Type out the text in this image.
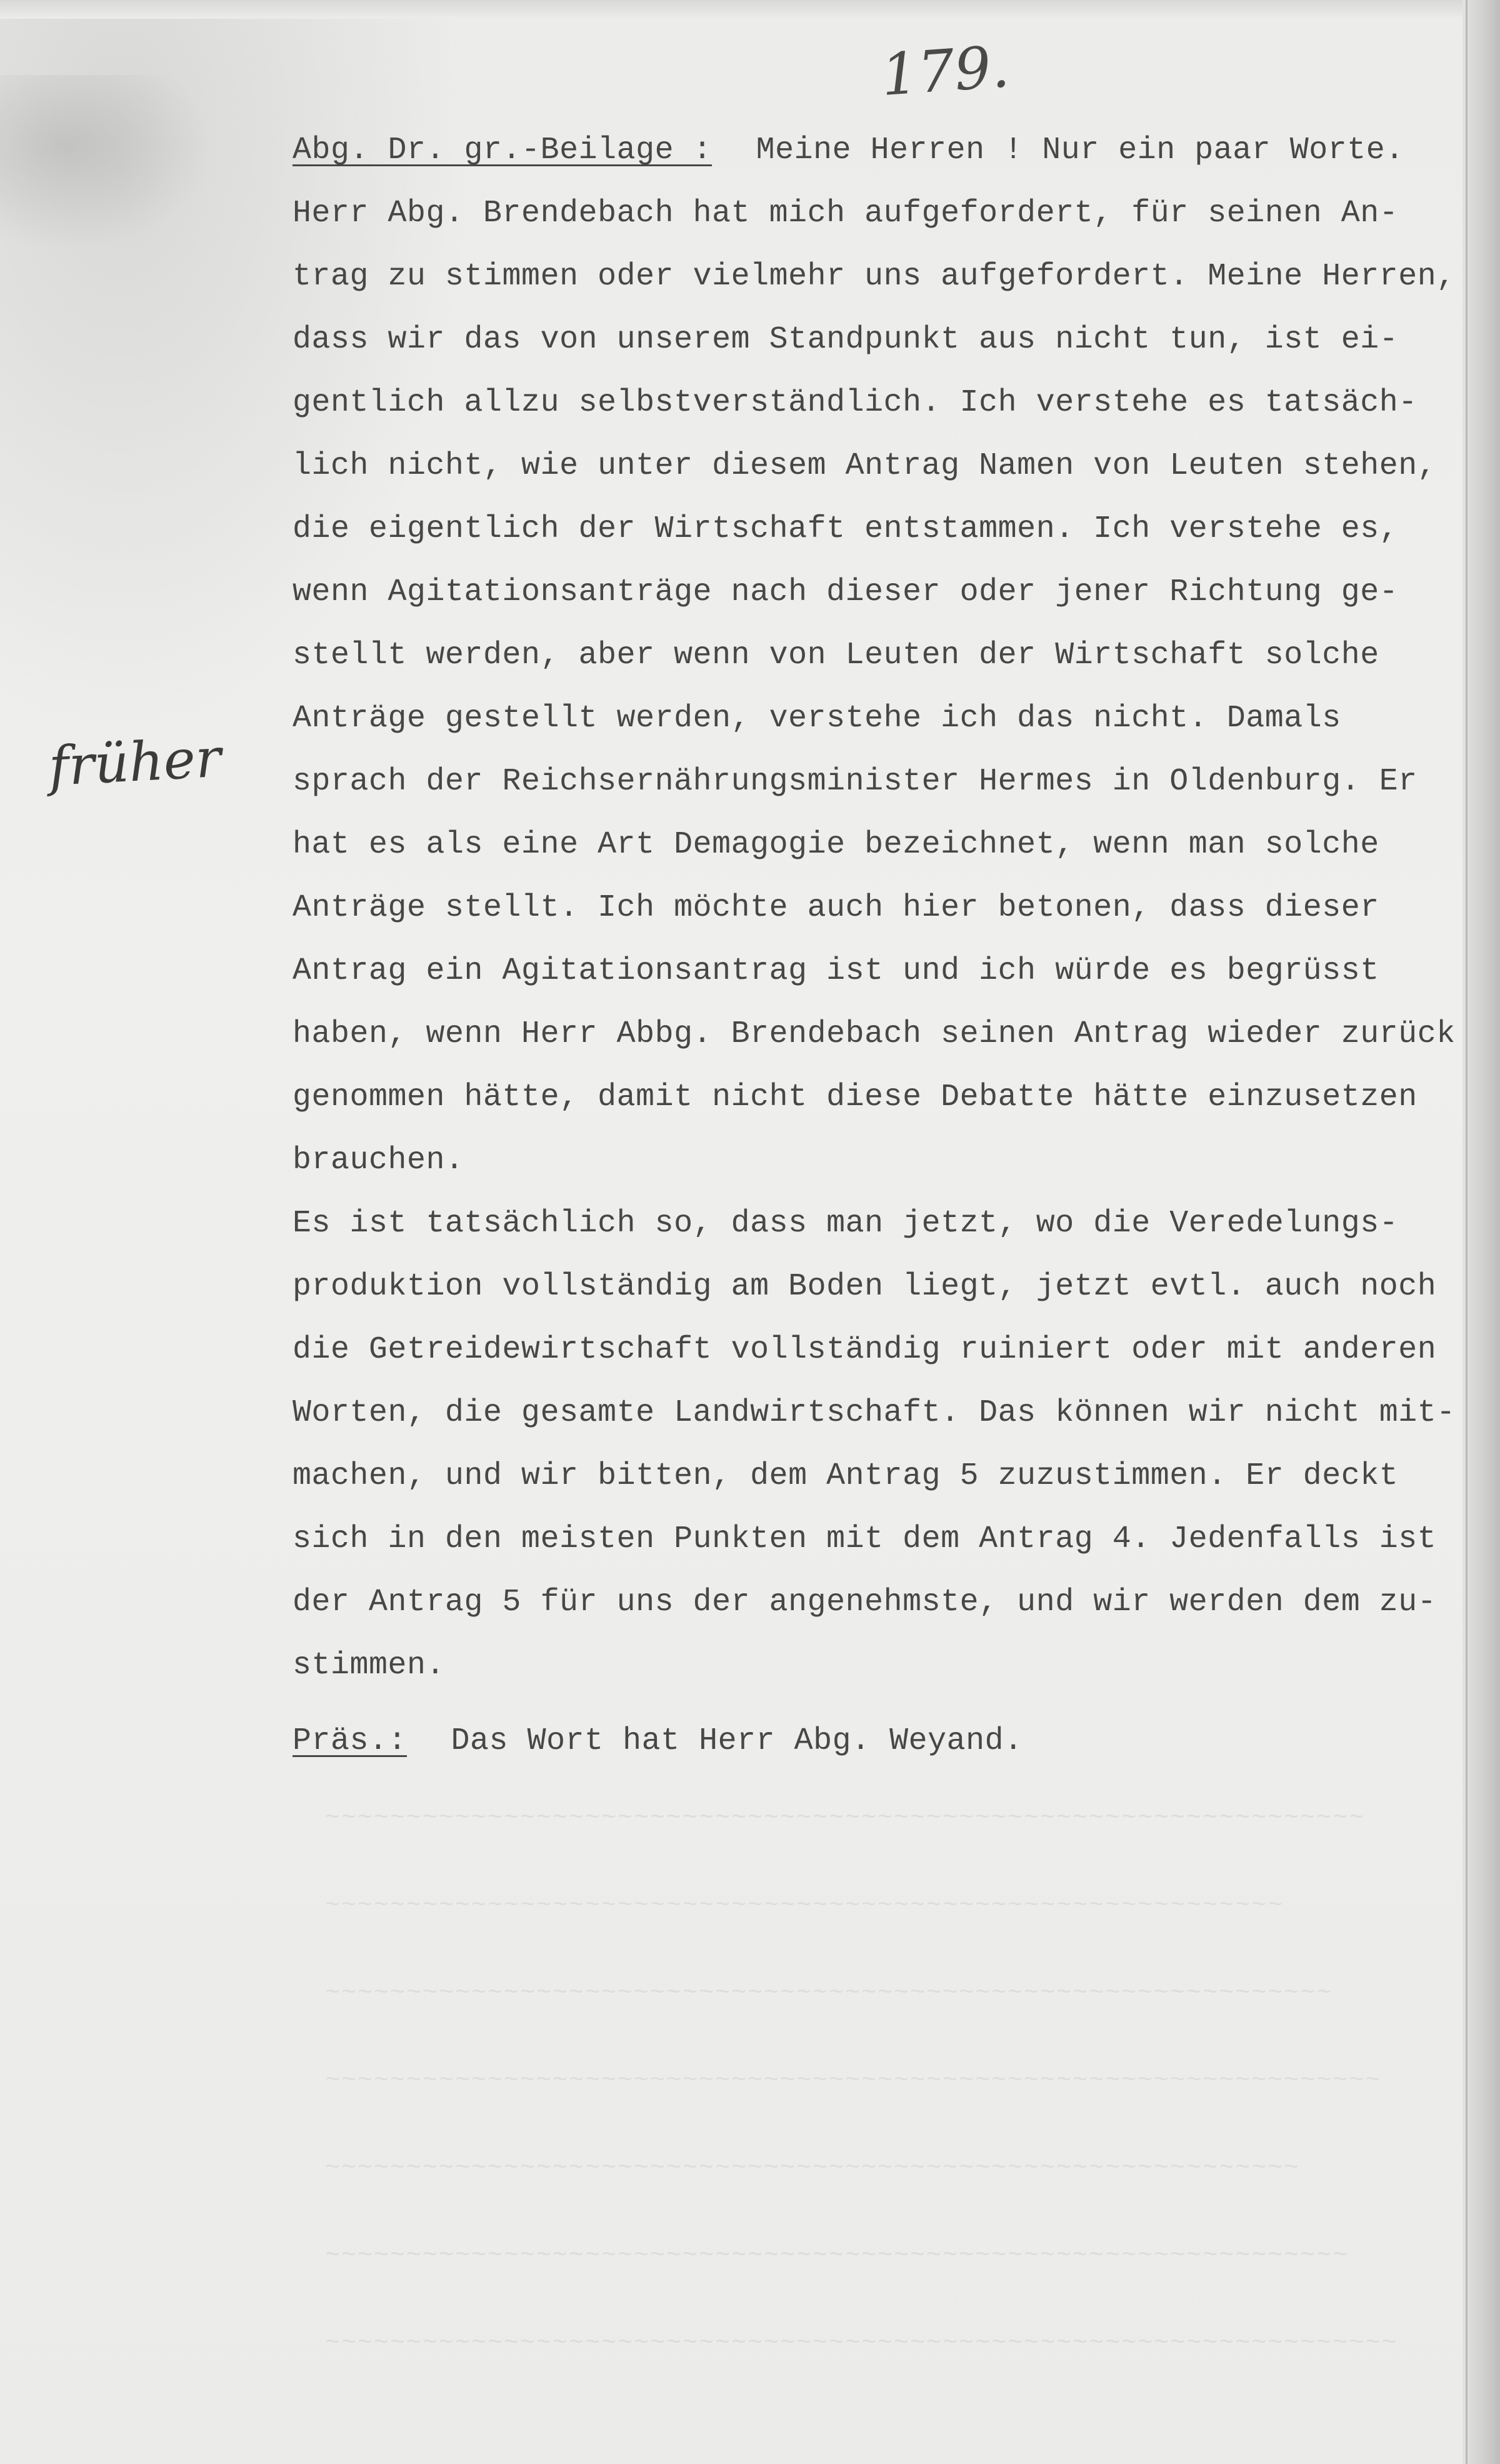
~~~~~~~~~~~~~~~~~~~~~~~~~~~~~~~~~~~~~~~~~~~~~~~~~~~~~~~~~~~~~~~~
~~~~~~~~~~~~~~~~~~~~~~~~~~~~~~~~~~~~~~~~~~~~~~~~~~~~~~~~~~~
~~~~~~~~~~~~~~~~~~~~~~~~~~~~~~~~~~~~~~~~~~~~~~~~~~~~~~~~~~~~~~
~~~~~~~~~~~~~~~~~~~~~~~~~~~~~~~~~~~~~~~~~~~~~~~~~~~~~~~~~~~~~~~~~
~~~~~~~~~~~~~~~~~~~~~~~~~~~~~~~~~~~~~~~~~~~~~~~~~~~~~~~~~~~~
~~~~~~~~~~~~~~~~~~~~~~~~~~~~~~~~~~~~~~~~~~~~~~~~~~~~~~~~~~~~~~~
~~~~~~~~~~~~~~~~~~~~~~~~~~~~~~~~~~~~~~~~~~~~~~~~~~~~~~~~~~~~~~~~~~
179.
früher
Abg. Dr. gr.-Beilage : Meine Herren ! Nur ein paar Worte.
Herr Abg. Brendebach hat mich aufgefordert, für seinen An-
trag zu stimmen oder vielmehr uns aufgefordert. Meine Herren,
dass wir das von unserem Standpunkt aus nicht tun, ist ei-
gentlich allzu selbstverständlich. Ich verstehe es tatsäch-
lich nicht, wie unter diesem Antrag Namen von Leuten stehen,
die eigentlich der Wirtschaft entstammen. Ich verstehe es,
wenn Agitationsanträge nach dieser oder jener Richtung ge-
stellt werden, aber wenn von Leuten der Wirtschaft solche
Anträge gestellt werden, verstehe ich das nicht. Damals
sprach der Reichsernährungsminister Hermes in Oldenburg. Er
hat es als eine Art Demagogie bezeichnet, wenn man solche
Anträge stellt. Ich möchte auch hier betonen, dass dieser
Antrag ein Agitationsantrag ist und ich würde es begrüsst
haben, wenn Herr Abbg. Brendebach seinen Antrag wieder zurück
genommen hätte, damit nicht diese Debatte hätte einzusetzen
brauchen.
Es ist tatsächlich so, dass man jetzt, wo die Veredelungs-
produktion vollständig am Boden liegt, jetzt evtl. auch noch
die Getreidewirtschaft vollständig ruiniert oder mit anderen
Worten, die gesamte Landwirtschaft. Das können wir nicht mit-
machen, und wir bitten, dem Antrag 5 zuzustimmen. Er deckt
sich in den meisten Punkten mit dem Antrag 4. Jedenfalls ist
der Antrag 5 für uns der angenehmste, und wir werden dem zu-
stimmen.
Präs.: Das Wort hat Herr Abg. Weyand.
